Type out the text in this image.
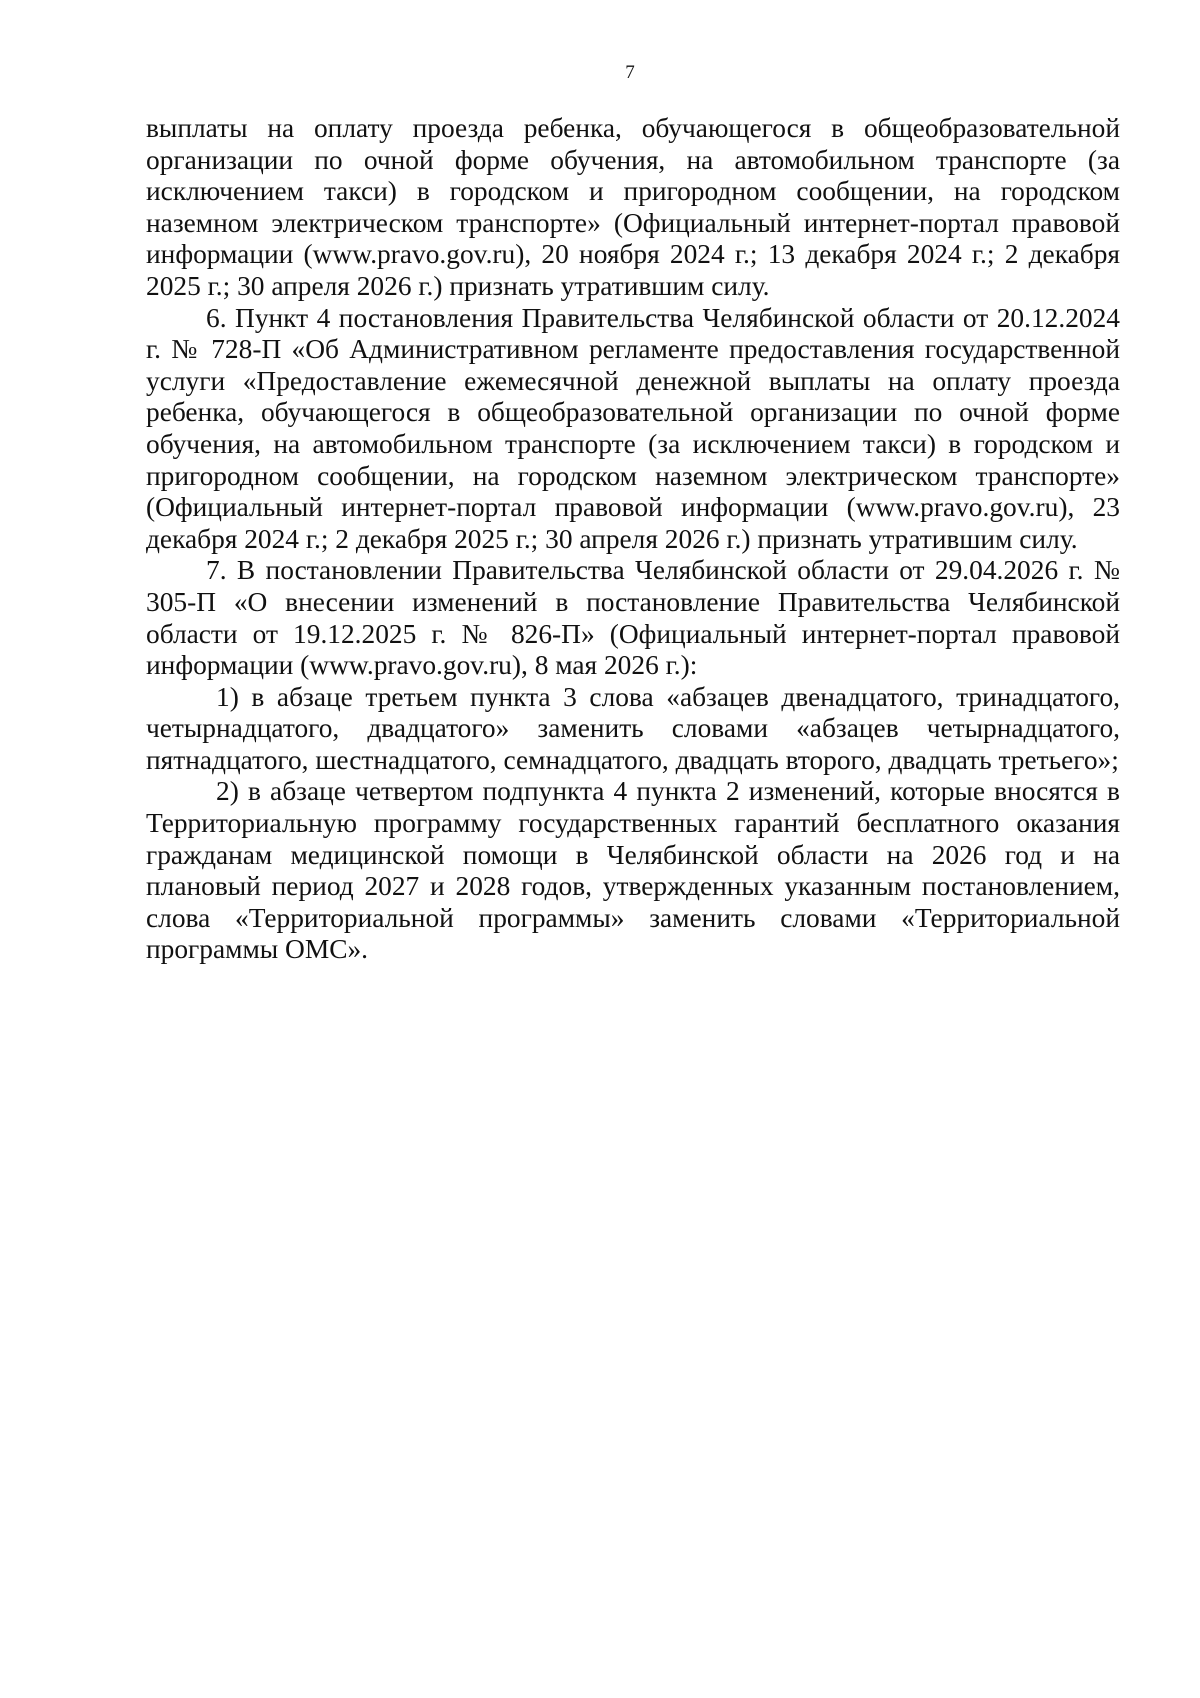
7

выплаты на оплату проезда ребенка, обучающегося в общеобразовательной организации по очной форме обучения, на автомобильном транспорте (за исключением такси) в городском и пригородном сообщении, на городском наземном электрическом транспорте» (Официальный интернет-портал правовой информации (www.pravo.gov.ru), 20 ноября 2024 г.; 13 декабря 2024 г.; 2 декабря 2025 г.; 30 апреля 2026 г.) признать утратившим силу.

6. Пункт 4 постановления Правительства Челябинской области от 20.12.2024 г. № 728-П «Об Административном регламенте предоставления государственной услуги «Предоставление ежемесячной денежной выплаты на оплату проезда ребенка, обучающегося в общеобразовательной организации по очной форме обучения, на автомобильном транспорте (за исключением такси) в городском и пригородном сообщении, на городском наземном электрическом транспорте» (Официальный интернет-портал правовой информации (www.pravo.gov.ru), 23 декабря 2024 г.; 2 декабря 2025 г.; 30 апреля 2026 г.) признать утратившим силу.

7. В постановлении Правительства Челябинской области от 29.04.2026 г. № 305-П «О внесении изменений в постановление Правительства Челябинской области от 19.12.2025 г. № 826-П» (Официальный интернет-портал правовой информации (www.pravo.gov.ru), 8 мая 2026 г.):

1) в абзаце третьем пункта 3 слова «абзацев двенадцатого, тринадцатого, четырнадцатого, двадцатого» заменить словами «абзацев четырнадцатого, пятнадцатого, шестнадцатого, семнадцатого, двадцать второго, двадцать третьего»;

2) в абзаце четвертом подпункта 4 пункта 2 изменений, которые вносятся в Территориальную программу государственных гарантий бесплатного оказания гражданам медицинской помощи в Челябинской области на 2026 год и на плановый период 2027 и 2028 годов, утвержденных указанным постановлением, слова «Территориальной программы» заменить словами «Территориальной программы ОМС».
